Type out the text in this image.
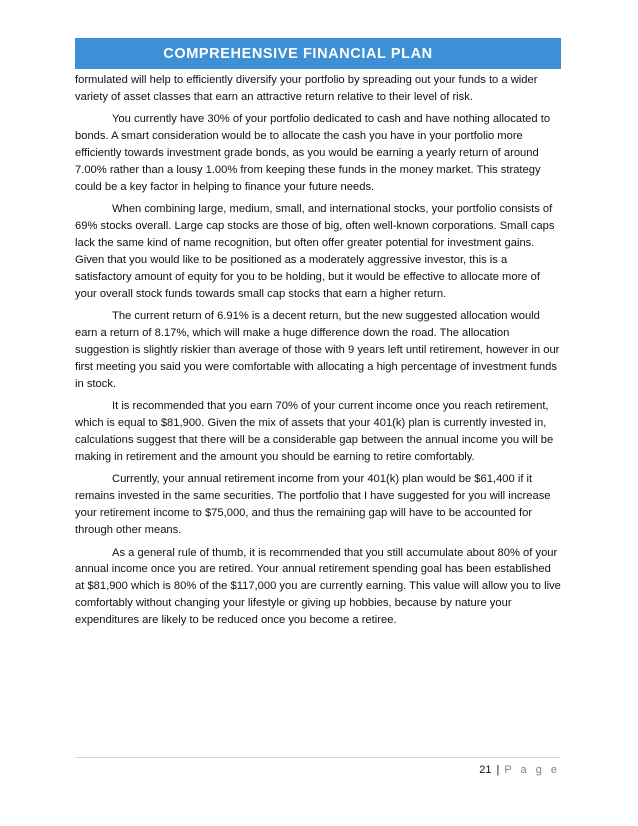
COMPREHENSIVE FINANCIAL PLAN

formulated will help to efficiently diversify your portfolio by spreading out your funds to a wider variety of asset classes that earn an attractive return relative to their level of risk.

You currently have 30% of your portfolio dedicated to cash and have nothing allocated to bonds. A smart consideration would be to allocate the cash you have in your portfolio more efficiently towards investment grade bonds, as you would be earning a yearly return of around 7.00% rather than a lousy 1.00% from keeping these funds in the money market. This strategy could be a key factor in helping to finance your future needs.

When combining large, medium, small, and international stocks, your portfolio consists of 69% stocks overall. Large cap stocks are those of big, often well-known corporations. Small caps lack the same kind of name recognition, but often offer greater potential for investment gains. Given that you would like to be positioned as a moderately aggressive investor, this is a satisfactory amount of equity for you to be holding, but it would be effective to allocate more of your overall stock funds towards small cap stocks that earn a higher return.

The current return of 6.91% is a decent return, but the new suggested allocation would earn a return of 8.17%, which will make a huge difference down the road. The allocation suggestion is slightly riskier than average of those with 9 years left until retirement, however in our first meeting you said you were comfortable with allocating a high percentage of investment funds in stock.

It is recommended that you earn 70% of your current income once you reach retirement, which is equal to $81,900. Given the mix of assets that your 401(k) plan is currently invested in, calculations suggest that there will be a considerable gap between the annual income you will be making in retirement and the amount you should be earning to retire comfortably.

Currently, your annual retirement income from your 401(k) plan would be $61,400 if it remains invested in the same securities. The portfolio that I have suggested for you will increase your retirement income to $75,000, and thus the remaining gap will have to be accounted for through other means.

As a general rule of thumb, it is recommended that you still accumulate about 80% of your annual income once you are retired. Your annual retirement spending goal has been established at $81,900 which is 80% of the $117,000 you are currently earning. This value will allow you to live comfortably without changing your lifestyle or giving up hobbies, because by nature your expenditures are likely to be reduced once you become a retiree.

21 | P a g e
